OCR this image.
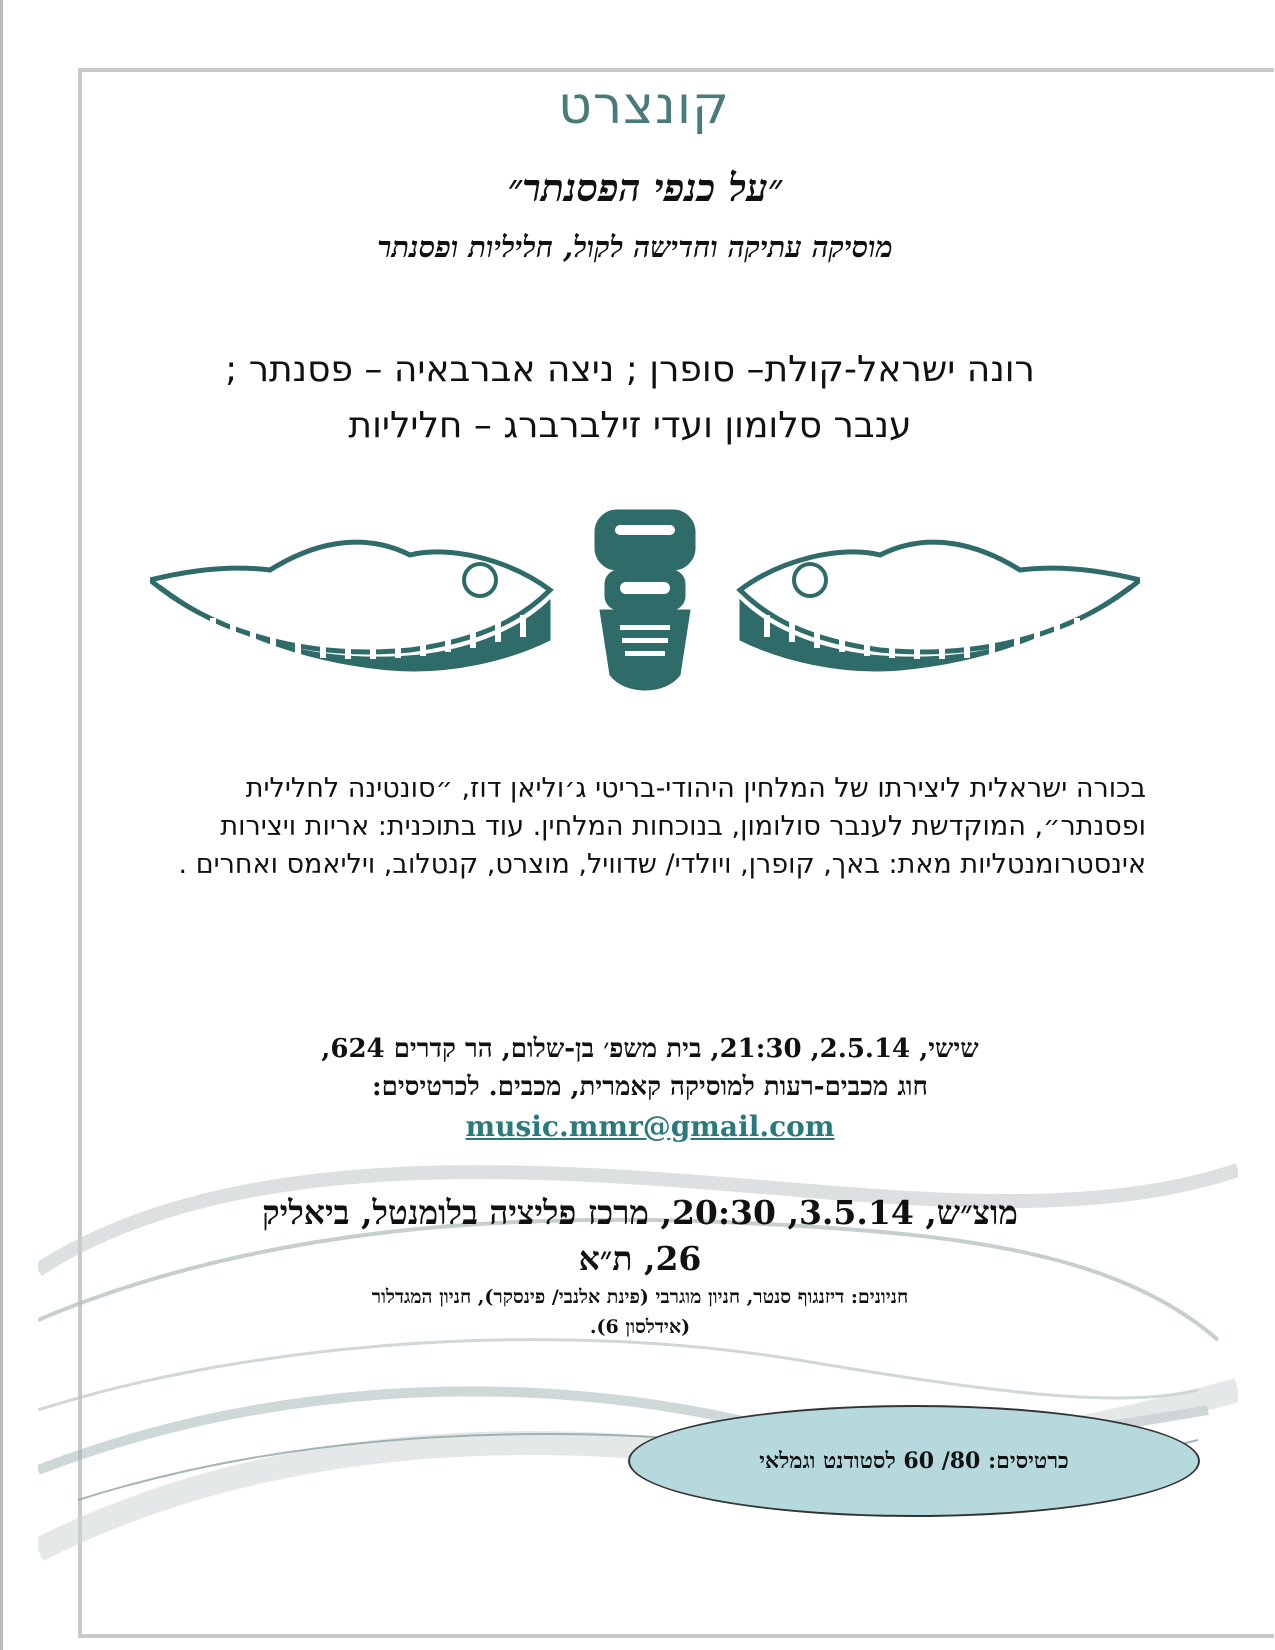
קונצרט
״על כנפי הפסנתר״
מוסיקה עתיקה וחדישה לקול, חליליות ופסנתר
רונה ישראל-קולת– סופרן ; ניצה אברבאיה – פסנתר ;
ענבר סלומון ועדי זילברברג – חליליות
בכורה ישראלית ליצירתו של המלחין היהודי-בריטי ג׳וליאן דוז, ״סונטינה לחלילית ופסנתר״, המוקדשת לענבר סולומון, בנוכחות המלחין. עוד בתוכנית: אריות ויצירות אינסטרומנטליות מאת: באך, קופרן, ויולדי/ שדוויל, מוצרט, קנטלוב, ויליאמס ואחרים .
שישי, 2.5.14, 21:30, בית משפ׳ בן-שלום, הר קדרים 624,
חוג מכבים-רעות למוסיקה קאמרית, מכבים. לכרטיסים:
music.mmr@gmail.com
מוצ״ש, 3.5.14, 20:30, מרכז פליציה בלומנטל, ביאליק
26, ת״א
חניונים: דיזנגוף סנטר, חניון מוגרבי (פינת אלנבי/ פינסקר), חניון המגדלור
(אידלסון 6).
כרטיסים: 80/ 60 לסטודנט וגמלאי
